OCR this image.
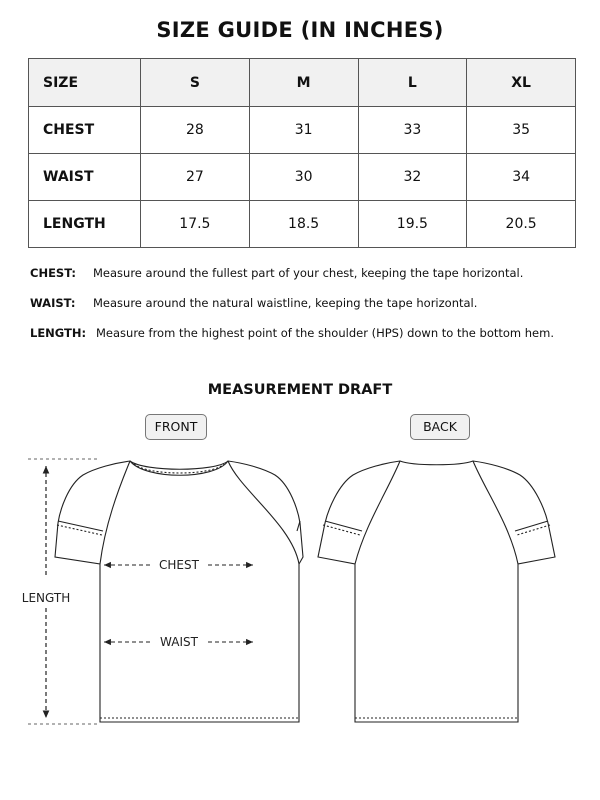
SIZE GUIDE (IN INCHES)
SIZE	S	M	L	XL
CHEST	28	31	33	35
WAIST	27	30	32	34
LENGTH	17.5	18.5	19.5	20.5
CHEST: Measure around the fullest part of your chest, keeping the tape horizontal.
WAIST: Measure around the natural waistline, keeping the tape horizontal.
LENGTH: Measure from the highest point of the shoulder (HPS) down to the bottom hem.
MEASUREMENT DRAFT
FRONT	BACK
LENGTH
CHEST
WAIST
